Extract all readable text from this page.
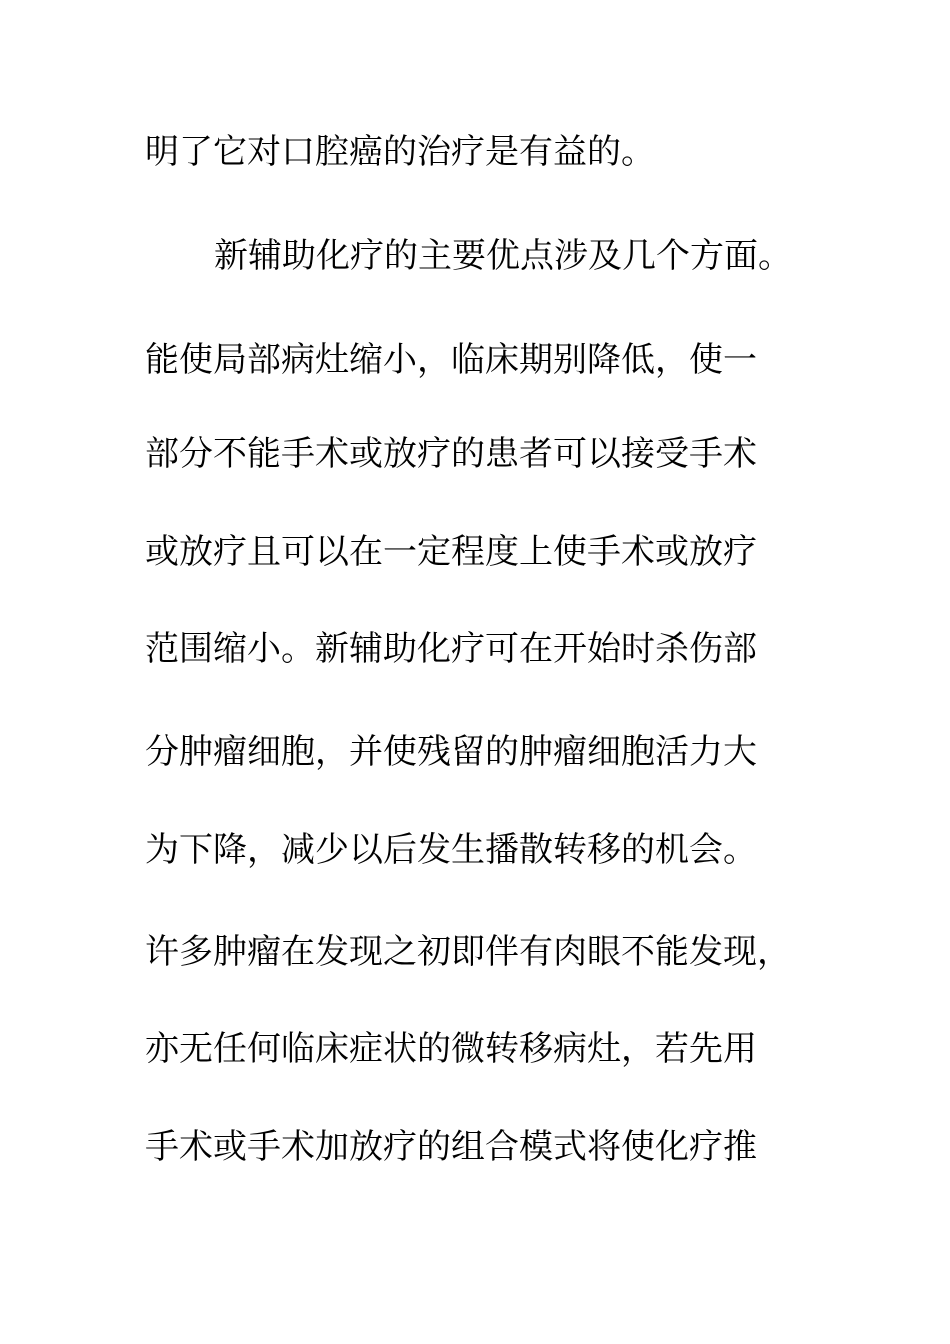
明了它对口腔癌的治疗是有益的。
新辅助化疗的主要优点涉及几个方面。
能使局部病灶缩小，临床期别降低，使一
部分不能手术或放疗的患者可以接受手术
或放疗且可以在一定程度上使手术或放疗
范围缩小。新辅助化疗可在开始时杀伤部
分肿瘤细胞，并使残留的肿瘤细胞活力大
为下降，减少以后发生播散转移的机会。
许多肿瘤在发现之初即伴有肉眼不能发现，
亦无任何临床症状的微转移病灶，若先用
手术或手术加放疗的组合模式将使化疗推
